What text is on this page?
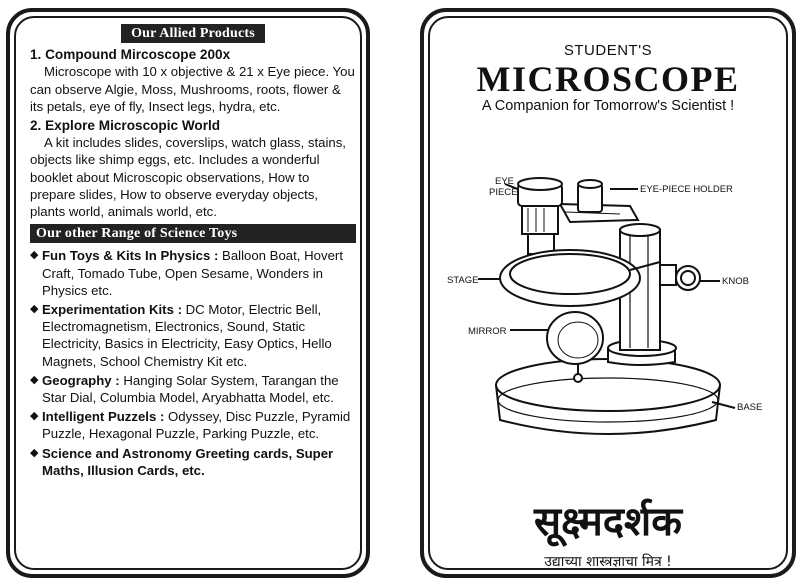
Our Allied Products
1. Compound Mircoscope 200x

Microscope with 10 x objective & 21 x Eye piece. You can observe Algie, Moss, Mushrooms, roots, flower & its petals, eye of fly, Insect legs, hydra, etc.

2. Explore Microscopic World

A kit includes slides, coverslips, watch glass, stains, objects like shimp eggs, etc. Includes a wonderful booklet about Microscopic observations, How to prepare slides, How to observe everyday objects, plants world, animals world, etc.

Our other Range of Science Toys
◆ Fun Toys & Kits In Physics : Balloon Boat, Hovert Craft, Tomado Tube, Open Sesame, Wonders in Physics etc.
◆ Experimentation Kits : DC Motor, Electric Bell, Electromagnetism, Electronics, Sound, Static Electricity, Basics in Electricity, Easy Optics, Hello Magnets, School Chemistry Kit etc.
◆ Geography : Hanging Solar System, Tarangan the Star Dial, Columbia Model, Aryabhatta Model, etc.
◆ Intelligent Puzzels : Odyssey, Disc Puzzle, Pyramid Puzzle, Hexagonal Puzzle, Parking Puzzle, etc.
◆ Science and Astronomy Greeting cards, Super Maths, Illusion Cards, etc.
STUDENT'S
MICROSCOPE
A Companion for Tomorrow's Scientist !
सूक्ष्मदर्शक
उद्याच्या शास्त्रज्ञाचा मित्र !
EYE
PIECE	EYE-PIECE HOLDER
STAGE	KNOB
MIRROR
BASE
